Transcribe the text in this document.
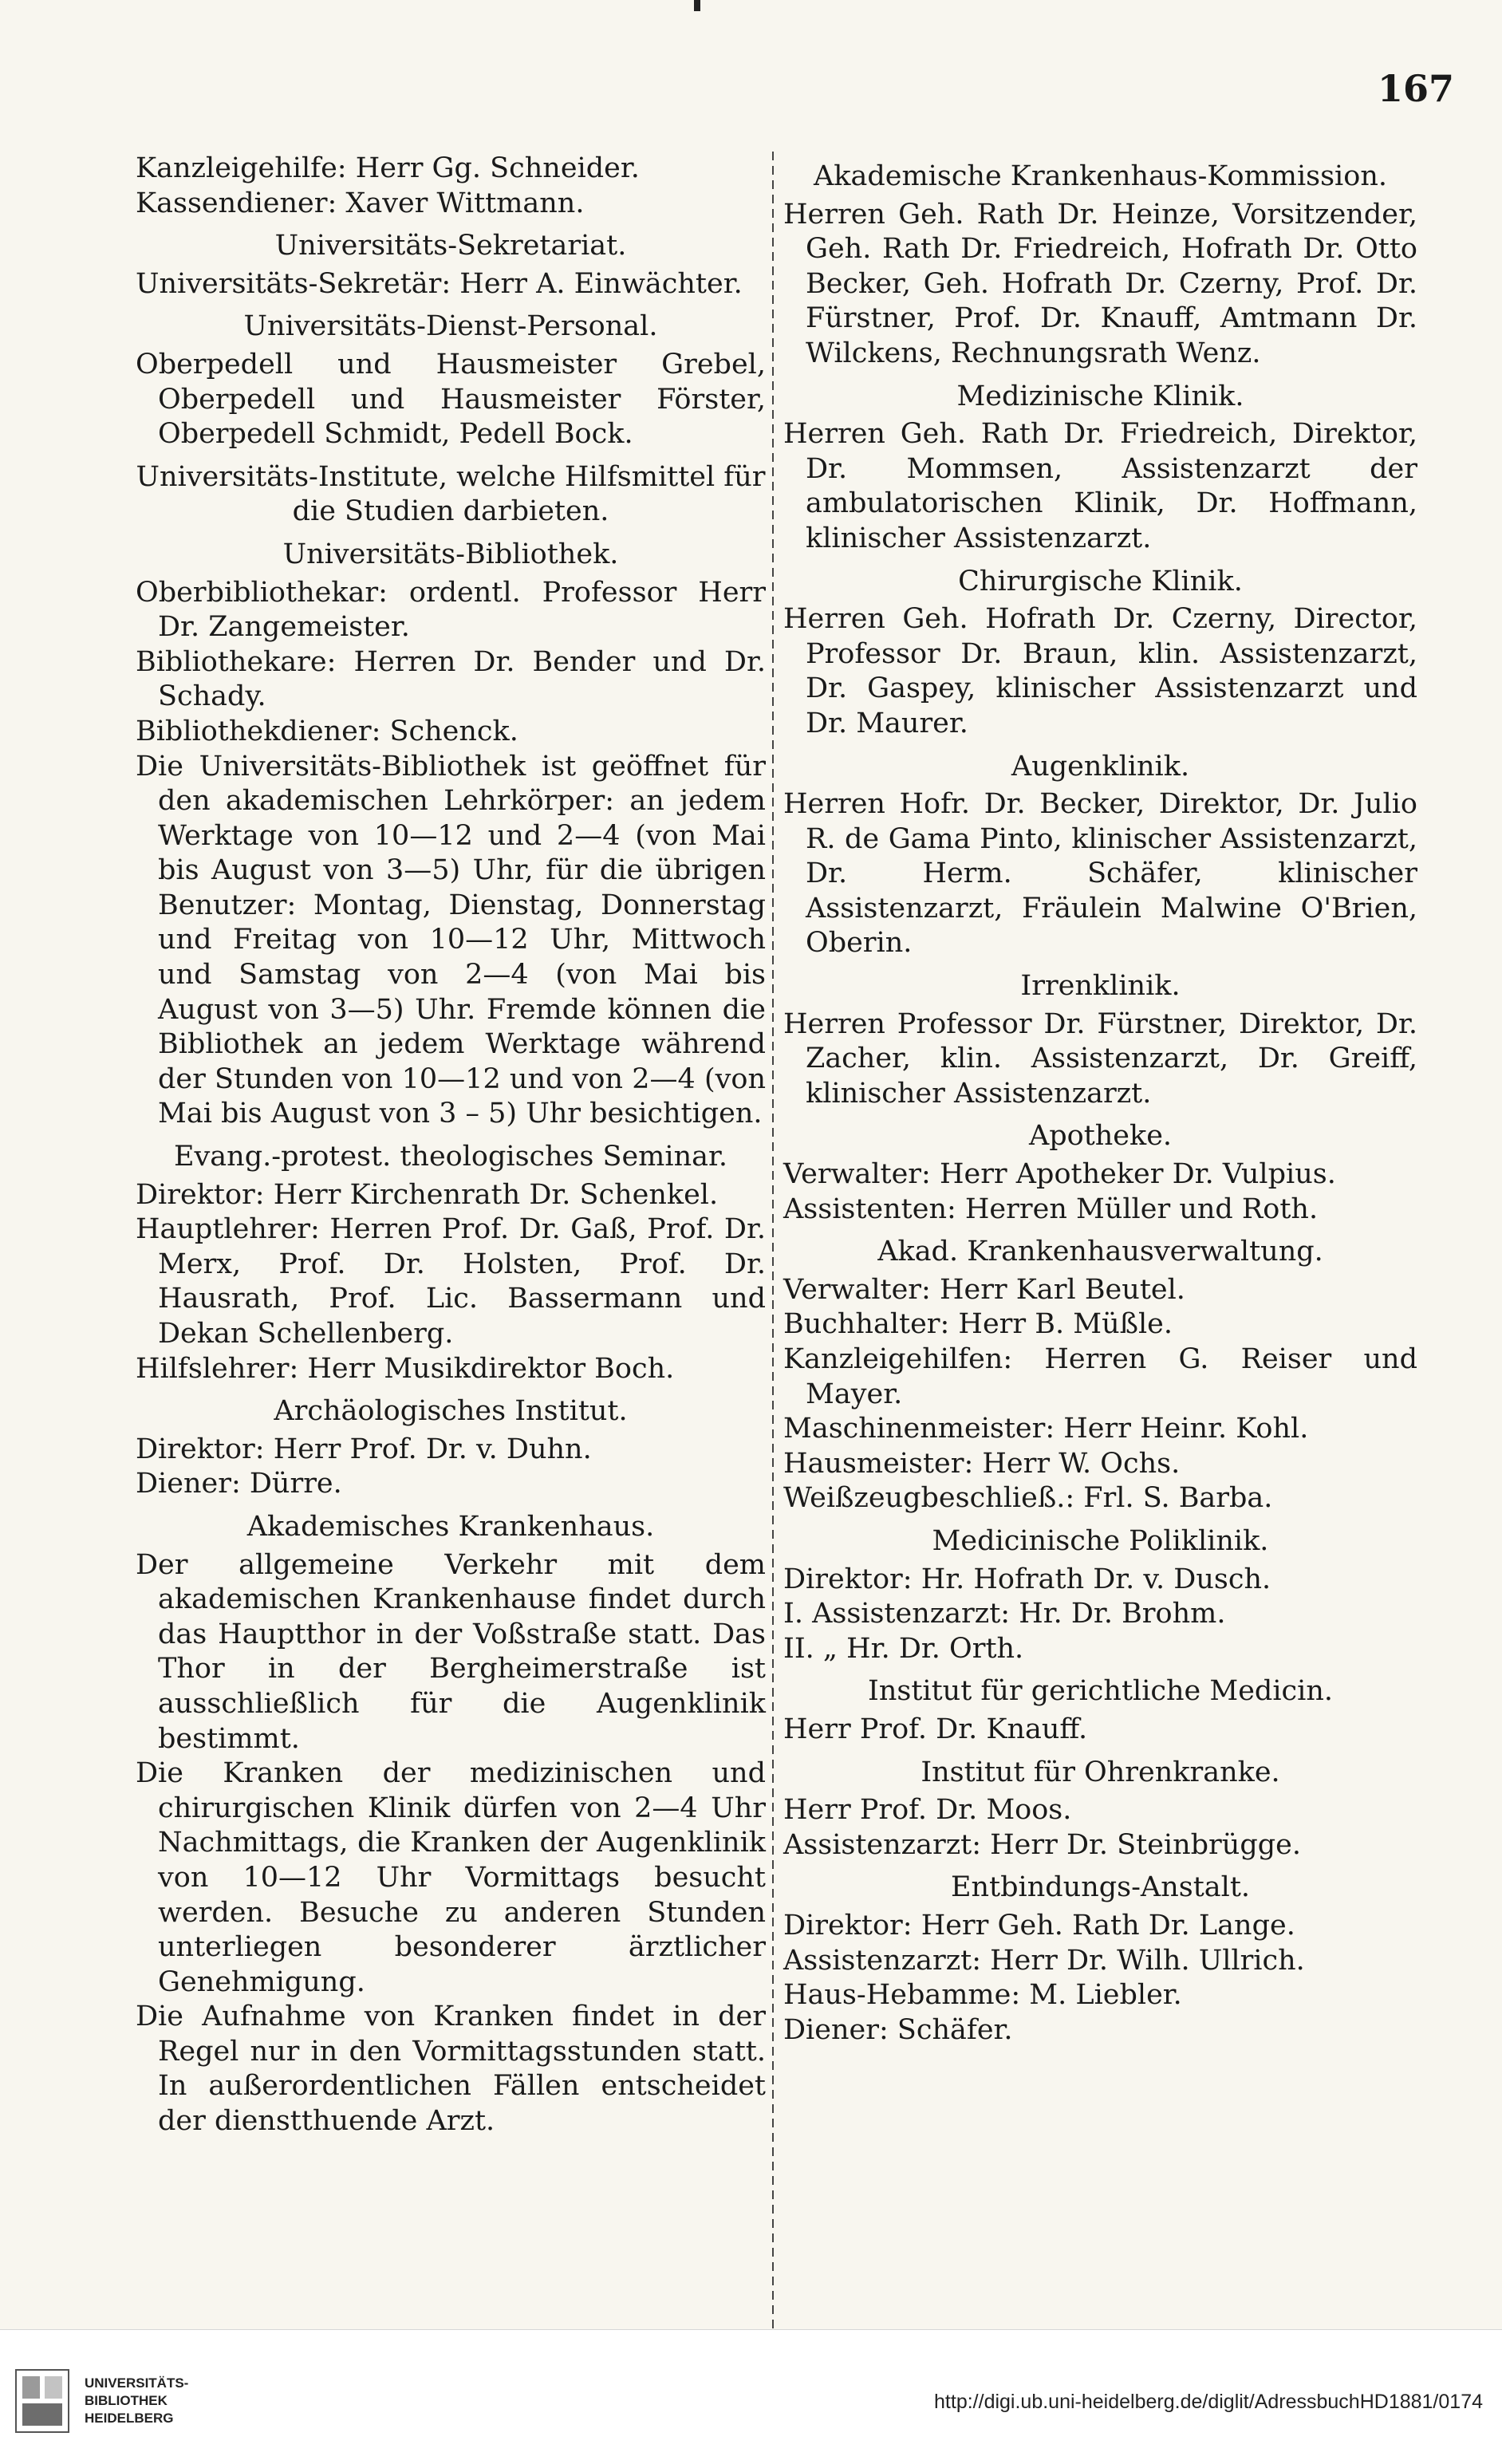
167

Kanzleigehilfe: Herr Gg. Schneider.

Kassendiener: Xaver Wittmann.

Universitäts-Sekretariat.

Universitäts-Sekretär: Herr A. Einwächter.

Universitäts-Dienst-Personal.

Oberpedell und Hausmeister Grebel, Oberpedell und Hausmeister Förster, Oberpedell Schmidt, Pedell Bock.

Universitäts-Institute, welche Hilfsmittel für die Studien darbieten.

Universitäts-Bibliothek.

Oberbibliothekar: ordentl. Professor Herr Dr. Zangemeister.

Bibliothekare: Herren Dr. Bender und Dr. Schady.

Bibliothekdiener: Schenck.

Die Universitäts-Bibliothek ist geöffnet für den akademischen Lehrkörper: an jedem Werktage von 10—12 und 2—4 (von Mai bis August von 3—5) Uhr, für die übrigen Benutzer: Montag, Dienstag, Donnerstag und Freitag von 10—12 Uhr, Mittwoch und Samstag von 2—4 (von Mai bis August von 3—5) Uhr. Fremde können die Bibliothek an jedem Werktage während der Stunden von 10—12 und von 2—4 (von Mai bis August von 3 – 5) Uhr besichtigen.

Evang.-protest. theologisches Seminar.

Direktor: Herr Kirchenrath Dr. Schenkel.

Hauptlehrer: Herren Prof. Dr. Gaß, Prof. Dr. Merx, Prof. Dr. Holsten, Prof. Dr. Hausrath, Prof. Lic. Bassermann und Dekan Schellenberg.

Hilfslehrer: Herr Musikdirektor Boch.

Archäologisches Institut.

Direktor: Herr Prof. Dr. v. Duhn.

Diener: Dürre.

Akademisches Krankenhaus.

Der allgemeine Verkehr mit dem akademischen Krankenhause findet durch das Hauptthor in der Voßstraße statt. Das Thor in der Bergheimerstraße ist ausschließlich für die Augenklinik bestimmt.

Die Kranken der medizinischen und chirurgischen Klinik dürfen von 2—4 Uhr Nachmittags, die Kranken der Augenklinik von 10—12 Uhr Vormittags besucht werden. Besuche zu anderen Stunden unterliegen besonderer ärztlicher Genehmigung.

Die Aufnahme von Kranken findet in der Regel nur in den Vormittagsstunden statt. In außerordentlichen Fällen entscheidet der dienstthuende Arzt.

Akademische Krankenhaus-Kommission.

Herren Geh. Rath Dr. Heinze, Vorsitzender, Geh. Rath Dr. Friedreich, Hofrath Dr. Otto Becker, Geh. Hofrath Dr. Czerny, Prof. Dr. Fürstner, Prof. Dr. Knauff, Amtmann Dr. Wilckens, Rechnungsrath Wenz.

Medizinische Klinik.

Herren Geh. Rath Dr. Friedreich, Direktor, Dr. Mommsen, Assistenzarzt der ambulatorischen Klinik, Dr. Hoffmann, klinischer Assistenzarzt.

Chirurgische Klinik.

Herren Geh. Hofrath Dr. Czerny, Director, Professor Dr. Braun, klin. Assistenzarzt, Dr. Gaspey, klinischer Assistenzarzt und Dr. Maurer.

Augenklinik.

Herren Hofr. Dr. Becker, Direktor, Dr. Julio R. de Gama Pinto, klinischer Assistenzarzt, Dr. Herm. Schäfer, klinischer Assistenzarzt, Fräulein Malwine O'Brien, Oberin.

Irrenklinik.

Herren Professor Dr. Fürstner, Direktor, Dr. Zacher, klin. Assistenzarzt, Dr. Greiff, klinischer Assistenzarzt.

Apotheke.

Verwalter: Herr Apotheker Dr. Vulpius.

Assistenten: Herren Müller und Roth.

Akad. Krankenhausverwaltung.

Verwalter: Herr Karl Beutel.

Buchhalter: Herr B. Müßle.

Kanzleigehilfen: Herren G. Reiser und Mayer.

Maschinenmeister: Herr Heinr. Kohl.

Hausmeister: Herr W. Ochs.

Weißzeugbeschließ.: Frl. S. Barba.

Medicinische Poliklinik.

Direktor: Hr. Hofrath Dr. v. Dusch.

I. Assistenzarzt: Hr. Dr. Brohm.

II. „ Hr. Dr. Orth.

Institut für gerichtliche Medicin.

Herr Prof. Dr. Knauff.

Institut für Ohrenkranke.

Herr Prof. Dr. Moos.

Assistenzarzt: Herr Dr. Steinbrügge.

Entbindungs-Anstalt.

Direktor: Herr Geh. Rath Dr. Lange.

Assistenzarzt: Herr Dr. Wilh. Ullrich.

Haus-Hebamme: M. Liebler.

Diener: Schäfer.

UNIVERSITÄTS-
BIBLIOTHEK
HEIDELBERG
http://digi.ub.uni-heidelberg.de/diglit/AdressbuchHD1881/0174
